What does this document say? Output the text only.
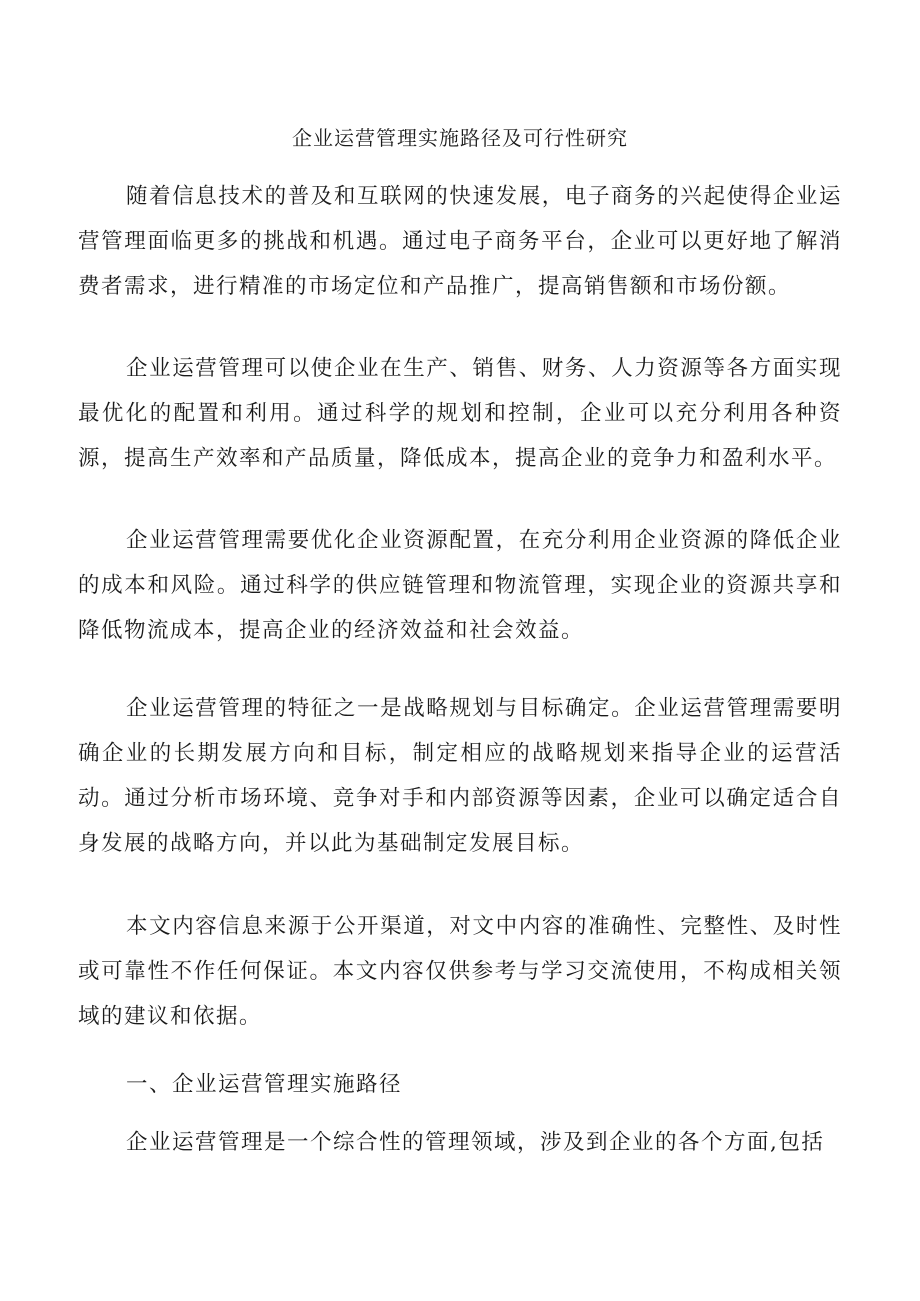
企业运营管理实施路径及可行性研究

随着信息技术的普及和互联网的快速发展，电子商务的兴起使得企业运营管理面临更多的挑战和机遇。通过电子商务平台，企业可以更好地了解消费者需求，进行精准的市场定位和产品推广，提高销售额和市场份额。

企业运营管理可以使企业在生产、销售、财务、人力资源等各方面实现最优化的配置和利用。通过科学的规划和控制，企业可以充分利用各种资源，提高生产效率和产品质量，降低成本，提高企业的竞争力和盈利水平。

企业运营管理需要优化企业资源配置，在充分利用企业资源的降低企业的成本和风险。通过科学的供应链管理和物流管理，实现企业的资源共享和降低物流成本，提高企业的经济效益和社会效益。

企业运营管理的特征之一是战略规划与目标确定。企业运营管理需要明确企业的长期发展方向和目标，制定相应的战略规划来指导企业的运营活动。通过分析市场环境、竞争对手和内部资源等因素，企业可以确定适合自身发展的战略方向，并以此为基础制定发展目标。

本文内容信息来源于公开渠道，对文中内容的准确性、完整性、及时性或可靠性不作任何保证。本文内容仅供参考与学习交流使用，不构成相关领域的建议和依据。

一、企业运营管理实施路径

企业运营管理是一个综合性的管理领域，涉及到企业的各个方面,包括
